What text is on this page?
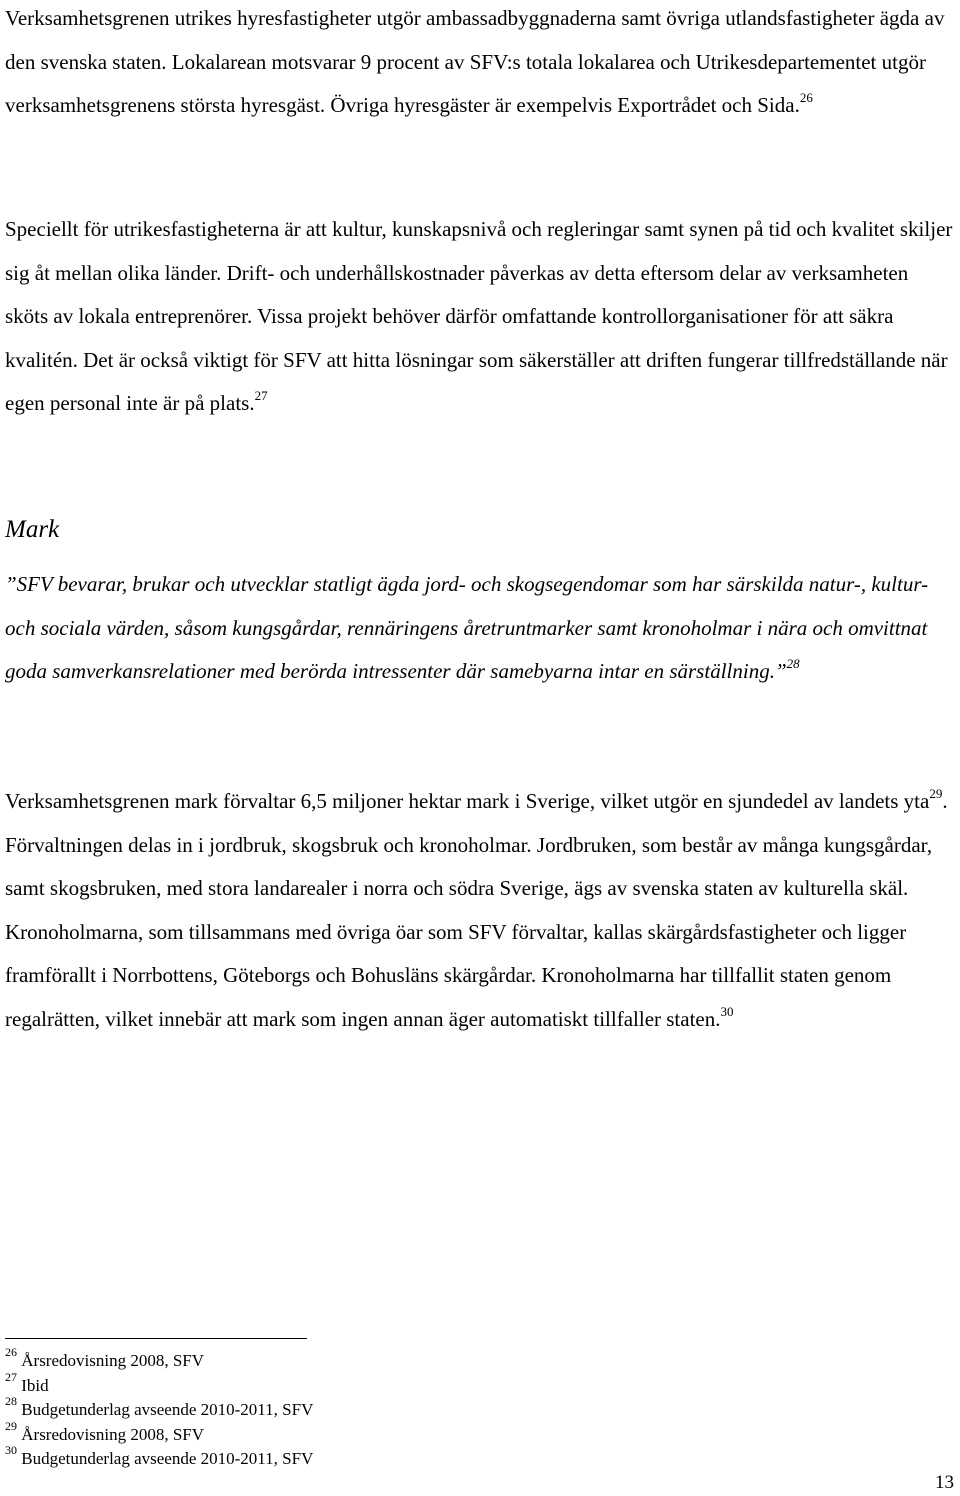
Verksamhetsgrenen utrikes hyresfastigheter utgör ambassadbyggnaderna samt övriga utlandsfastigheter ägda av den svenska staten. Lokalarean motsvarar 9 procent av SFV:s totala lokalarea och Utrikesdepartementet utgör verksamhetsgrenens största hyresgäst. Övriga hyresgäster är exempelvis Exportrådet och Sida.$^{26}$

Speciellt för utrikesfastigheterna är att kultur, kunskapsnivå och regleringar samt synen på tid och kvalitet skiljer sig åt mellan olika länder. Drift- och underhållskostnader påverkas av detta eftersom delar av verksamheten sköts av lokala entreprenörer. Vissa projekt behöver därför omfattande kontrollorganisationer för att säkra kvalitén. Det är också viktigt för SFV att hitta lösningar som säkerställer att driften fungerar tillfredställande när egen personal inte är på plats.$^{27}$

Mark

”SFV bevarar, brukar och utvecklar statligt ägda jord- och skogsegendomar som har särskilda natur-, kultur- och sociala värden, såsom kungsgårdar, rennäringens åretruntmarker samt kronoholmar i nära och omvittnat goda samverkansrelationer med berörda intressenter där samebyarna intar en särställning.”$^{28}$

Verksamhetsgrenen mark förvaltar 6,5 miljoner hektar mark i Sverige, vilket utgör en sjundedel av landets yta$^{29}$. Förvaltningen delas in i jordbruk, skogsbruk och kronoholmar. Jordbruken, som består av många kungsgårdar, samt skogsbruken, med stora landarealer i norra och södra Sverige, ägs av svenska staten av kulturella skäl. Kronoholmarna, som tillsammans med övriga öar som SFV förvaltar, kallas skärgårdsfastigheter och ligger framförallt i Norrbottens, Göteborgs och Bohusläns skärgårdar. Kronoholmarna har tillfallit staten genom regalrätten, vilket innebär att mark som ingen annan äger automatiskt tillfaller staten.$^{30}$

$^{26}$ Årsredovisning 2008, SFV

$^{27}$ Ibid

$^{28}$ Budgetunderlag avseende 2010-2011, SFV

$^{29}$ Årsredovisning 2008, SFV

$^{30}$ Budgetunderlag avseende 2010-2011, SFV

13
